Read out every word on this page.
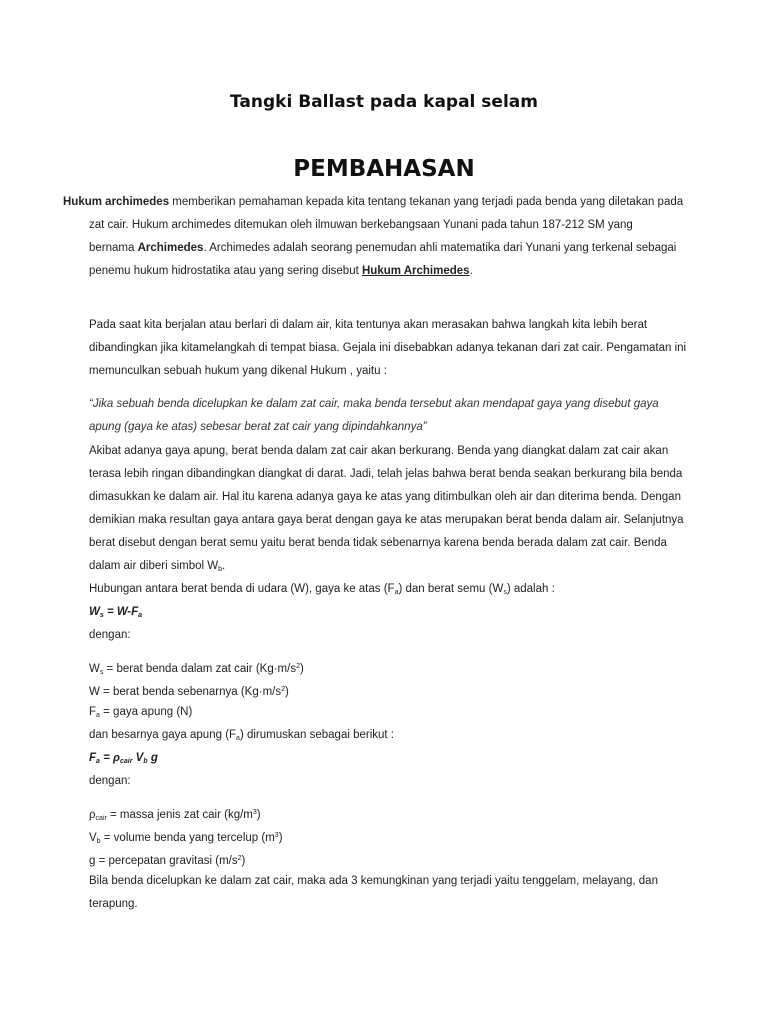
Tangki Ballast pada kapal selam
PEMBAHASAN
Hukum archimedes memberikan pemahaman kepada kita tentang tekanan yang terjadi pada benda yang diletakan pada
zat cair. Hukum archimedes ditemukan oleh ilmuwan berkebangsaan Yunani pada tahun 187-212 SM yang
bernama Archimedes. Archimedes adalah seorang penemudan ahli matematika dari Yunani yang terkenal sebagai
penemu hukum hidrostatika atau yang sering disebut Hukum Archimedes.
Pada saat kita berjalan atau berlari di dalam air, kita tentunya akan merasakan bahwa langkah kita lebih berat
dibandingkan jika kitamelangkah di tempat biasa. Gejala ini disebabkan adanya tekanan dari zat cair. Pengamatan ini
memunculkan sebuah hukum yang dikenal Hukum , yaitu :
“Jika sebuah benda dicelupkan ke dalam zat cair, maka benda tersebut akan mendapat gaya yang disebut gaya
apung (gaya ke atas) sebesar berat zat cair yang dipindahkannya”
Akibat adanya gaya apung, berat benda dalam zat cair akan berkurang. Benda yang diangkat dalam zat cair akan
terasa lebih ringan dibandingkan diangkat di darat. Jadi, telah jelas bahwa berat benda seakan berkurang bila benda
dimasukkan ke dalam air. Hal itu karena adanya gaya ke atas yang ditimbulkan oleh air dan diterima benda. Dengan
demikian maka resultan gaya antara gaya berat dengan gaya ke atas merupakan berat benda dalam air. Selanjutnya
berat disebut dengan berat semu yaitu berat benda tidak sebenarnya karena benda berada dalam zat cair. Benda
dalam air diberi simbol $W_b$.
Hubungan antara berat benda di udara (W), gaya ke atas $(F_a)$ dan berat semu $(W_s)$ adalah :
$W_s = W-F_a$
dengan:
$W_s$ = berat benda dalam zat cair $(Kg\cdot m/s^2)$
W = berat benda sebenarnya $(Kg\cdot m/s^2)$
$F_a$ = gaya apung (N)
dan besarnya gaya apung $(F_a)$ dirumuskan sebagai berikut :
$F_a = \rho_{cair}$ $V_b$ g
dengan:
$\rho_{cair}$ = massa jenis zat cair $(kg/m^3)$
$V_b$ = volume benda yang tercelup $(m^3)$
g = percepatan gravitasi $(m/s^2)$
Bila benda dicelupkan ke dalam zat cair, maka ada 3 kemungkinan yang terjadi yaitu tenggelam, melayang, dan
terapung.
